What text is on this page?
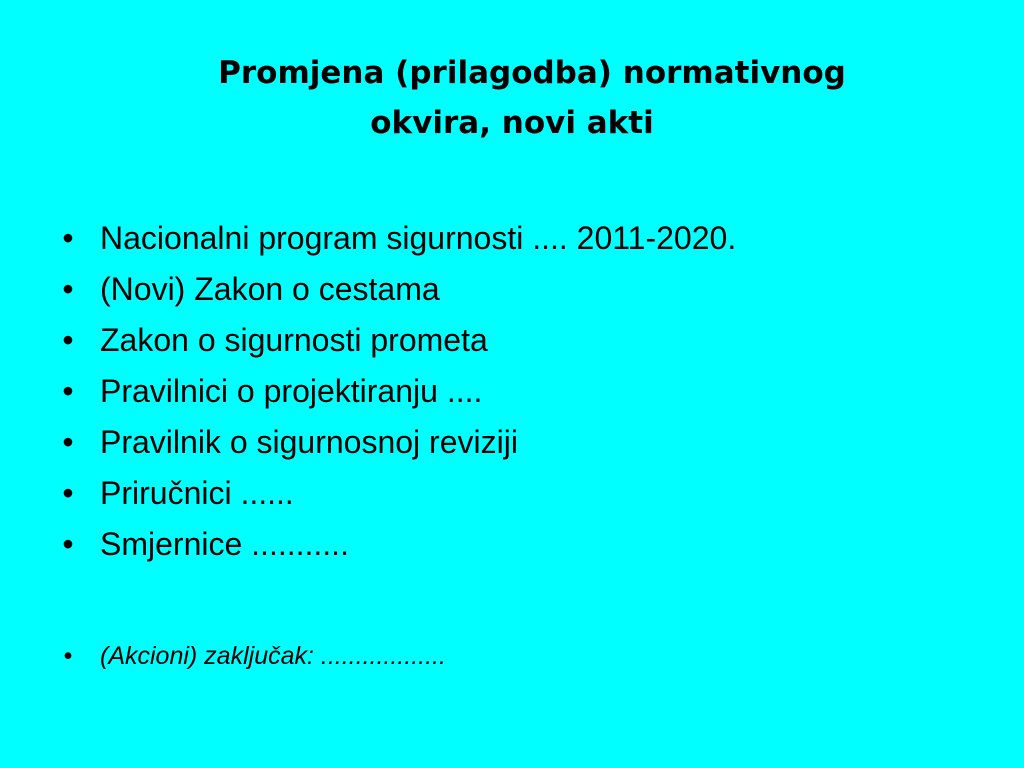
Promjena (prilagodba) normativnog
okvira, novi akti
• Nacionalni program sigurnosti .... 2011-2020.
• (Novi) Zakon o cestama
• Zakon o sigurnosti prometa
• Pravilnici o projektiranju ....
• Pravilnik o sigurnosnoj reviziji
• Priručnici ......
• Smjernice ...........
•	(Akcioni) zaključak: ..................
